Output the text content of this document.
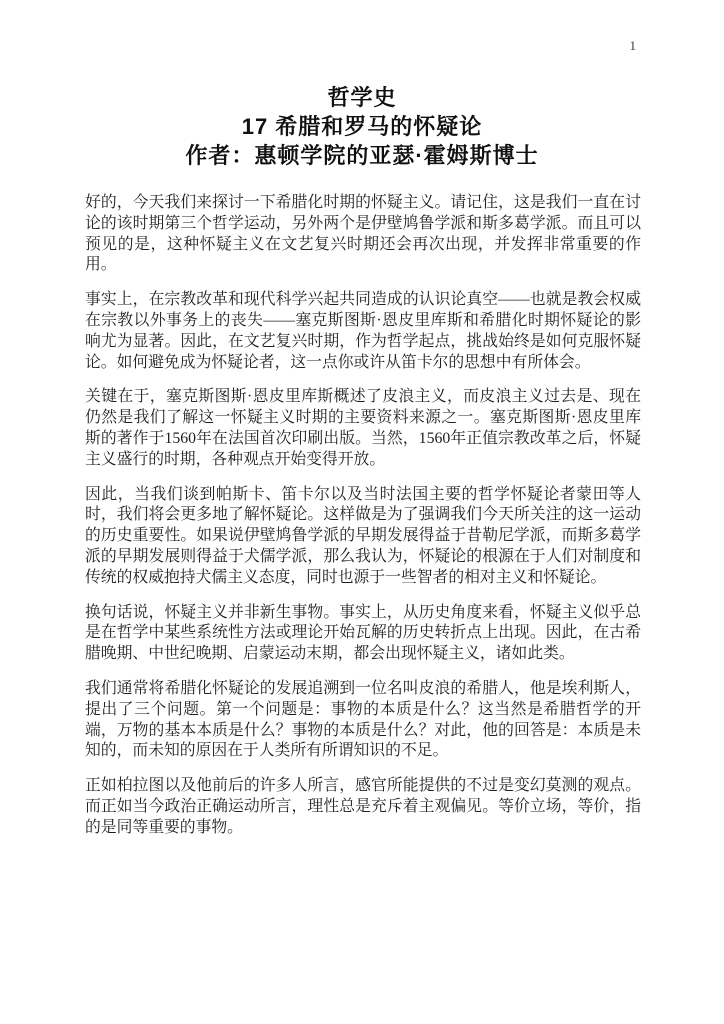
1
哲学史
17 希腊和罗马的怀疑论
作者：惠顿学院的亚瑟·霍姆斯博士

好的，今天我们来探讨一下希腊化时期的怀疑主义。请记住，这是我们一直在讨论的该时期第三个哲学运动，另外两个是伊壁鸠鲁学派和斯多葛学派。而且可以预见的是，这种怀疑主义在文艺复兴时期还会再次出现，并发挥非常重要的作用。

事实上，在宗教改革和现代科学兴起共同造成的认识论真空——也就是教会权威在宗教以外事务上的丧失——塞克斯图斯·恩皮里库斯和希腊化时期怀疑论的影响尤为显著。因此，在文艺复兴时期，作为哲学起点，挑战始终是如何克服怀疑论。如何避免成为怀疑论者，这一点你或许从笛卡尔的思想中有所体会。

关键在于，塞克斯图斯·恩皮里库斯概述了皮浪主义，而皮浪主义过去是、现在仍然是我们了解这一怀疑主义时期的主要资料来源之一。塞克斯图斯·恩皮里库斯的著作于1560年在法国首次印刷出版。当然，1560年正值宗教改革之后，怀疑主义盛行的时期，各种观点开始变得开放。

因此，当我们谈到帕斯卡、笛卡尔以及当时法国主要的哲学怀疑论者蒙田等人时，我们将会更多地了解怀疑论。这样做是为了强调我们今天所关注的这一运动的历史重要性。如果说伊壁鸠鲁学派的早期发展得益于昔勒尼学派，而斯多葛学派的早期发展则得益于犬儒学派，那么我认为，怀疑论的根源在于人们对制度和传统的权威抱持犬儒主义态度，同时也源于一些智者的相对主义和怀疑论。

换句话说，怀疑主义并非新生事物。事实上，从历史角度来看，怀疑主义似乎总是在哲学中某些系统性方法或理论开始瓦解的历史转折点上出现。因此，在古希腊晚期、中世纪晚期、启蒙运动末期，都会出现怀疑主义，诸如此类。

我们通常将希腊化怀疑论的发展追溯到一位名叫皮浪的希腊人，他是埃利斯人，提出了三个问题。第一个问题是：事物的本质是什么？这当然是希腊哲学的开端，万物的基本本质是什么？事物的本质是什么？对此，他的回答是：本质是未知的，而未知的原因在于人类所有所谓知识的不足。

正如柏拉图以及他前后的许多人所言，感官所能提供的不过是变幻莫测的观点。而正如当今政治正确运动所言，理性总是充斥着主观偏见。等价立场，等价，指的是同等重要的事物。
